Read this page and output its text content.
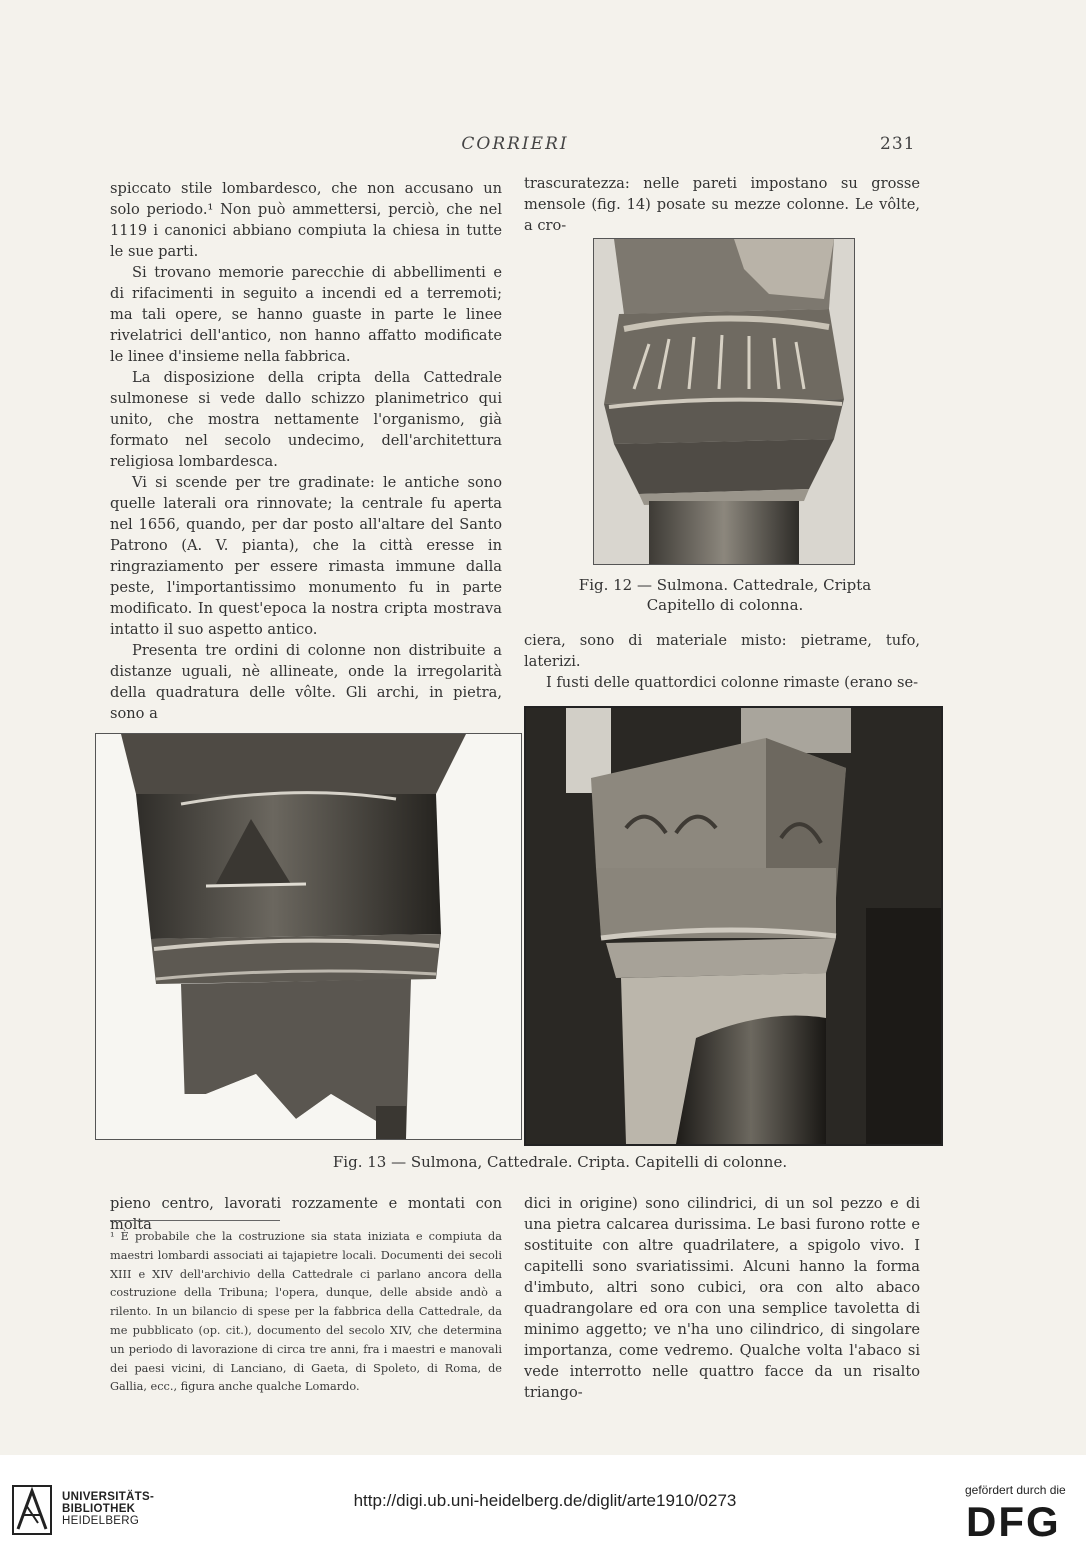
CORRIERI	231

spiccato stile lombardesco, che non accusano un solo periodo.¹ Non può ammettersi, perciò, che nel 1119 i canonici abbiano compiuta la chiesa in tutte le sue parti.

Si trovano memorie parecchie di abbellimenti e di rifacimenti in seguito a incendi ed a terremoti; ma tali opere, se hanno guaste in parte le linee rivelatrici dell'antico, non hanno affatto modificate le linee d'insieme nella fabbrica.

La disposizione della cripta della Cattedrale sulmonese si vede dallo schizzo planimetrico qui unito, che mostra nettamente l'organismo, già formato nel secolo undecimo, dell'architettura religiosa lombardesca.

Vi si scende per tre gradinate: le antiche sono quelle laterali ora rinnovate; la centrale fu aperta nel 1656, quando, per dar posto all'altare del Santo Patrono (A. V. pianta), che la città eresse in ringraziamento per essere rimasta immune dalla peste, l'importantissimo monumento fu in parte modificato. In quest'epoca la nostra cripta mostrava intatto il suo aspetto antico.

Presenta tre ordini di colonne non distribuite a distanze uguali, nè allineate, onde la irregolarità della quadratura delle vôlte. Gli archi, in pietra, sono a

trascuratezza: nelle pareti impostano su grosse mensole (fig. 14) posate su mezze colonne. Le vôlte, a cro-

Fig. 12 — Sulmona. Cattedrale, Cripta
Capitello di colonna.

ciera, sono di materiale misto: pietrame, tufo, laterizi.

I fusti delle quattordici colonne rimaste (erano se-

Fig. 13 — Sulmona, Cattedrale. Cripta. Capitelli di colonne.

pieno centro, lavorati rozzamente e montati con molta

¹ È probabile che la costruzione sia stata iniziata e compiuta da maestri lombardi associati ai tajapietre locali. Documenti dei secoli XIII e XIV dell'archivio della Cattedrale ci parlano ancora della costruzione della Tribuna; l'opera, dunque, delle abside andò a rilento. In un bilancio di spese per la fabbrica della Cattedrale, da me pubblicato (op. cit.), documento del secolo XIV, che determina un periodo di lavorazione di circa tre anni, fra i maestri e manovali dei paesi vicini, di Lanciano, di Gaeta, di Spoleto, di Roma, de Gallia, ecc., figura anche qualche Lomardo.

dici in origine) sono cilindrici, di un sol pezzo e di una pietra calcarea durissima. Le basi furono rotte e sostituite con altre quadrilatere, a spigolo vivo. I capitelli sono svariatissimi. Alcuni hanno la forma d'imbuto, altri sono cubici, ora con alto abaco quadrangolare ed ora con una semplice tavoletta di minimo aggetto; ve n'ha uno cilindrico, di singolare importanza, come vedremo. Qualche volta l'abaco si vede interrotto nelle quattro facce da un risalto triango-

UNIVERSITÄTS-
BIBLIOTHEK
HEIDELBERG
http://digi.ub.uni-heidelberg.de/diglit/arte1910/0273
gefördert durch die
DFG
